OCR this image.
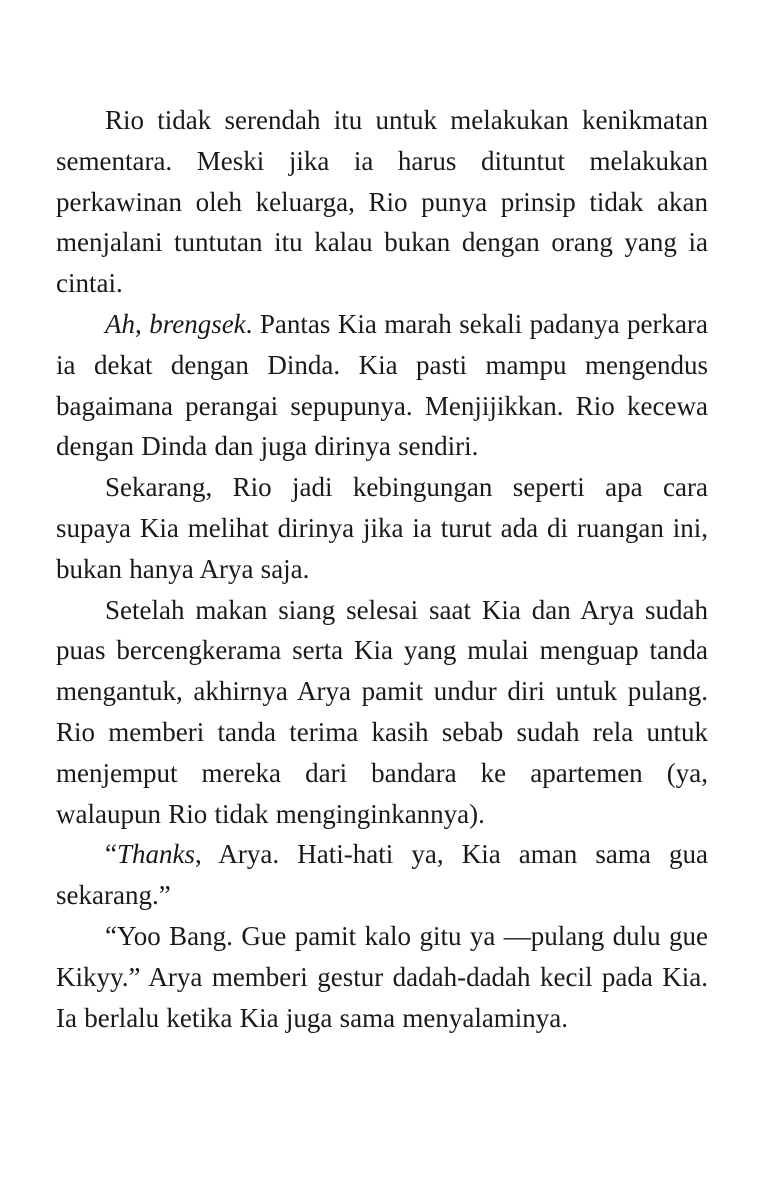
Rio tidak serendah itu untuk melakukan kenikmatan sementara. Meski jika ia harus dituntut melakukan perkawinan oleh keluarga, Rio punya prinsip tidak akan menjalani tuntutan itu kalau bukan dengan orang yang ia cintai.

Ah, brengsek. Pantas Kia marah sekali padanya perkara ia dekat dengan Dinda. Kia pasti mampu mengendus bagaimana perangai sepupunya. Menjijikkan. Rio kecewa dengan Dinda dan juga dirinya sendiri.

Sekarang, Rio jadi kebingungan seperti apa cara supaya Kia melihat dirinya jika ia turut ada di ruangan ini, bukan hanya Arya saja.

Setelah makan siang selesai saat Kia dan Arya sudah puas bercengkerama serta Kia yang mulai menguap tanda mengantuk, akhirnya Arya pamit undur diri untuk pulang. Rio memberi tanda terima kasih sebab sudah rela untuk menjemput mereka dari bandara ke apartemen (ya, walaupun Rio tidak menginginkannya).

“Thanks, Arya. Hati-hati ya, Kia aman sama gua sekarang.”

“Yoo Bang. Gue pamit kalo gitu ya —pulang dulu gue Kikyy.” Arya memberi gestur dadah-dadah kecil pada Kia. Ia berlalu ketika Kia juga sama menyalaminya.
